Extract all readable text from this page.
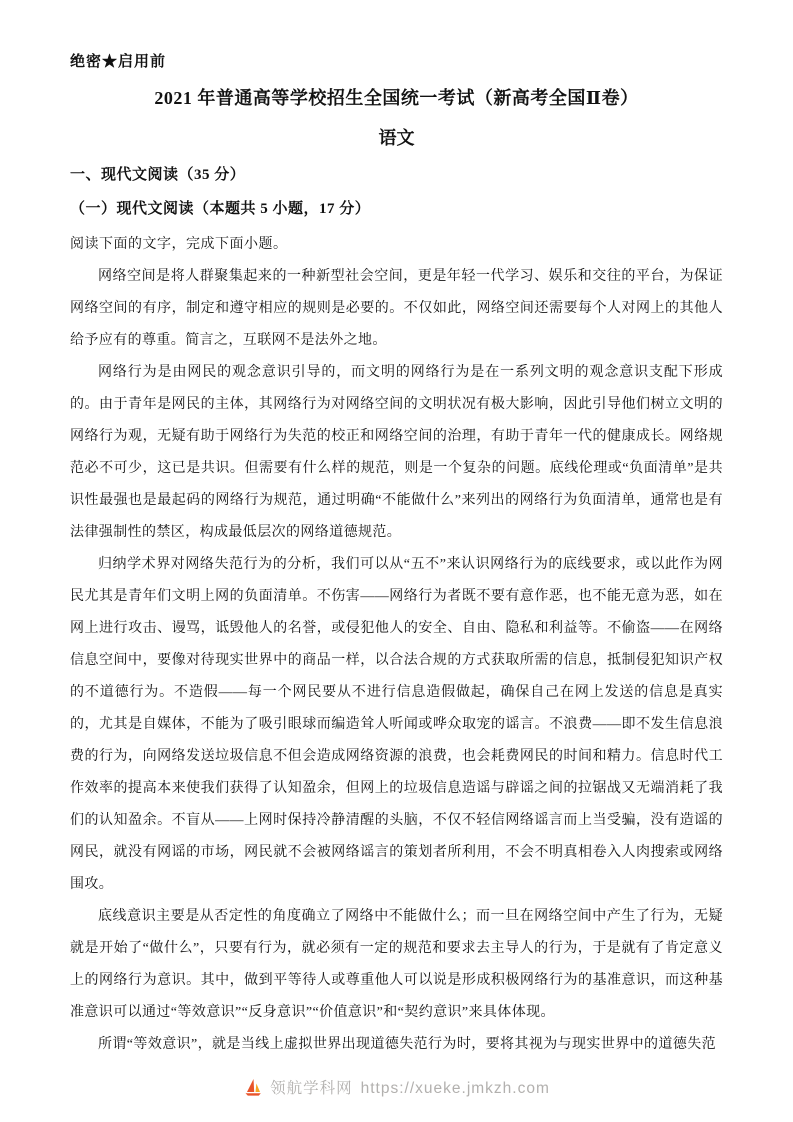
绝密★启用前
2021 年普通高等学校招生全国统一考试（新高考全国Ⅱ卷）
语文
一、现代文阅读（35 分）
（一）现代文阅读（本题共 5 小题，17 分）

阅读下面的文字，完成下面小题。

网络空间是将人群聚集起来的一种新型社会空间，更是年轻一代学习、娱乐和交往的平台，为保证网络空间的有序，制定和遵守相应的规则是必要的。不仅如此，网络空间还需要每个人对网上的其他人给予应有的尊重。简言之，互联网不是法外之地。

网络行为是由网民的观念意识引导的，而文明的网络行为是在一系列文明的观念意识支配下形成的。由于青年是网民的主体，其网络行为对网络空间的文明状况有极大影响，因此引导他们树立文明的网络行为观，无疑有助于网络行为失范的校正和网络空间的治理，有助于青年一代的健康成长。网络规范必不可少，这已是共识。但需要有什么样的规范，则是一个复杂的问题。底线伦理或“负面清单”是共识性最强也是最起码的网络行为规范，通过明确“不能做什么”来列出的网络行为负面清单，通常也是有法律强制性的禁区，构成最低层次的网络道德规范。

归纳学术界对网络失范行为的分析，我们可以从“五不”来认识网络行为的底线要求，或以此作为网民尤其是青年们文明上网的负面清单。不伤害——网络行为者既不要有意作恶，也不能无意为恶，如在网上进行攻击、谩骂，诋毁他人的名誉，或侵犯他人的安全、自由、隐私和利益等。不偷盗——在网络信息空间中，要像对待现实世界中的商品一样，以合法合规的方式获取所需的信息，抵制侵犯知识产权的不道德行为。不造假——每一个网民要从不进行信息造假做起，确保自己在网上发送的信息是真实的，尤其是自媒体，不能为了吸引眼球而编造耸人听闻或哗众取宠的谣言。不浪费——即不发生信息浪费的行为，向网络发送垃圾信息不但会造成网络资源的浪费，也会耗费网民的时间和精力。信息时代工作效率的提高本来使我们获得了认知盈余，但网上的垃圾信息造谣与辟谣之间的拉锯战又无端消耗了我们的认知盈余。不盲从——上网时保持冷静清醒的头脑，不仅不轻信网络谣言而上当受骗，没有造谣的网民，就没有网谣的市场，网民就不会被网络谣言的策划者所利用，不会不明真相卷入人肉搜索或网络围攻。

底线意识主要是从否定性的角度确立了网络中不能做什么；而一旦在网络空间中产生了行为，无疑就是开始了“做什么”，只要有行为，就必须有一定的规范和要求去主导人的行为，于是就有了肯定意义上的网络行为意识。其中，做到平等待人或尊重他人可以说是形成积极网络行为的基准意识，而这种基准意识可以通过“等效意识”“反身意识”“价值意识”和“契约意识”来具体体现。

所谓“等效意识”，就是当线上虚拟世界出现道德失范行为时，要将其视为与现实世界中的道德失范

领航学科网 https://xueke.jmkzh.com
